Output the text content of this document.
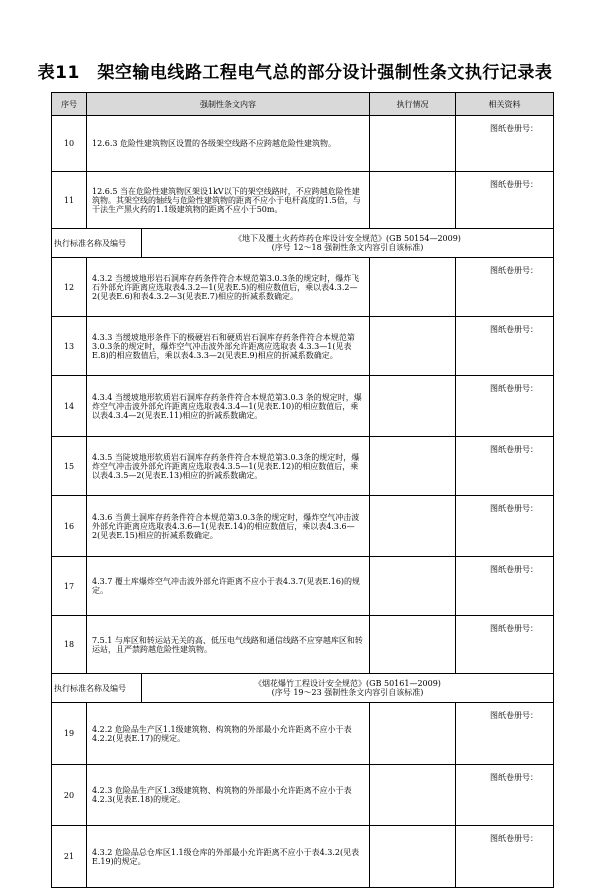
表11　架空输电线路工程电气总的部分设计强制性条文执行记录表
序号	强制性条文内容		执行情况	相关资料
10	12.6.3 危险性建筑物区设置的各级架空线路不应跨越危险性建筑物。			图纸卷册号：
11	12.6.5 当在危险性建筑物区架设1kV以下的架空线路时，不应跨越危险性建筑物。其架空线的轴线与危险性建筑物的距离不应小于电杆高度的1.5倍，与干法生产黑火药的1.1级建筑物的距离不应小于50m。			图纸卷册号：
执行标准名称及编号		《地下及覆土火药炸药仓库设计安全规范》(GB 50154—2009)
(序号 12～18 强制性条文内容引自该标准)		

12	4.3.2 当缓坡地形岩石洞库存药条件符合本规范第3.0.3条的规定时，爆炸飞石外部允许距离应选取表4.3.2—1(见表E.5)的相应数值后，乘以表4.3.2—2(见表E.6)和表4.3.2—3(见表E.7)相应的折减系数确定。			图纸卷册号：
13	4.3.3 当缓坡地形条件下的极硬岩石和硬质岩石洞库存药条件符合本规范第3.0.3条的规定时，爆炸空气冲击波外部允许距离应选取表 4.3.3—1(见表E.8)的相应数值后，乘以表4.3.3—2(见表E.9)相应的折减系数确定。			图纸卷册号：
14	4.3.4 当缓坡地形软质岩石洞库存药条件符合本规范第3.0.3 条的规定时，爆炸空气冲击波外部允许距离应选取表4.3.4—1(见表E.10)的相应数值后，乘以表4.3.4—2(见表E.11)相应的折减系数确定。			图纸卷册号：
15	4.3.5 当陡坡地形软质岩石洞库存药条件符合本规范第3.0.3条的规定时，爆炸空气冲击波外部允许距离应选取表4.3.5—1(见表E.12)的相应数值后，乘以表4.3.5—2(见表E.13)相应的折减系数确定。			图纸卷册号：
16	4.3.6 当黄土洞库存药条件符合本规范第3.0.3条的规定时，爆炸空气冲击波 外部允许距离应选取表4.3.6—1(见表E.14)的相应数值后，乘以表4.3.6—2(见表E.15)相应的折减系数确定。			图纸卷册号：
17	4.3.7 覆土库爆炸空气冲击波外部允许距离不应小于表4.3.7(见表E.16)的规定。			图纸卷册号：
18	7.5.1 与库区和转运站无关的高、低压电气线路和通信线路不应穿越库区和转运站，且严禁跨越危险性建筑物。			图纸卷册号：
执行标准名称及编号		《烟花爆竹工程设计安全规范》(GB 50161—2009)
(序号 19～23 强制性条文内容引自该标准)		

19	4.2.2 危险品生产区1.1级建筑物、构筑物的外部最小允许距离不应小于表4.2.2(见表E.17)的规定。			图纸卷册号：
20	4.2.3 危险品生产区1.3级建筑物、构筑物的外部最小允许距离不应小于表4.2.3(见表E.18)的规定。			图纸卷册号：
21	4.3.2 危险品总仓库区1.1级仓库的外部最小允许距离不应小于表4.3.2(见表E.19)的规定。			图纸卷册号：
